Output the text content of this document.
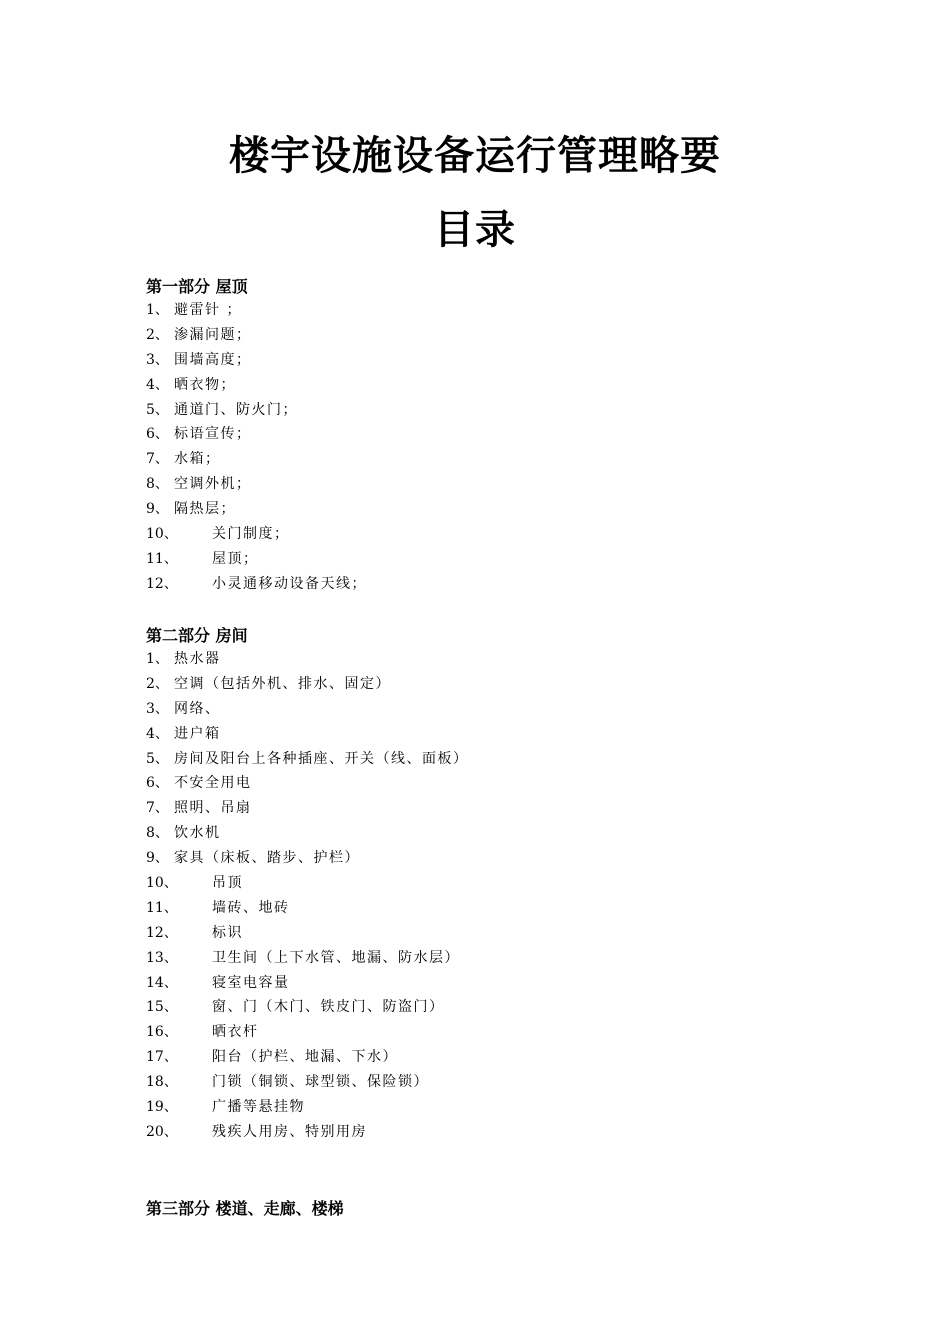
楼宇设施设备运行管理略要
目录
第一部分 屋顶
1、 避雷针 ；
2、 渗漏问题；
3、 围墙高度；
4、 晒衣物；
5、 通道门、防火门；
6、 标语宣传；
7、 水箱；
8、 空调外机；
9、 隔热层；
10、	关门制度；
11、	屋顶；
12、	小灵通移动设备天线；
第二部分 房间
1、 热水器
2、 空调（包括外机、排水、固定）
3、 网络、
4、 进户箱
5、 房间及阳台上各种插座、开关（线、面板）
6、 不安全用电
7、 照明、吊扇
8、 饮水机
9、 家具（床板、踏步、护栏）
10、	吊顶
11、	墙砖、地砖
12、	标识
13、	卫生间（上下水管、地漏、防水层）
14、	寝室电容量
15、	窗、门（木门、铁皮门、防盗门）
16、	晒衣杆
17、	阳台（护栏、地漏、下水）
18、	门锁（铜锁、球型锁、保险锁）
19、	广播等悬挂物
20、	残疾人用房、特别用房
第三部分 楼道、走廊、楼梯
